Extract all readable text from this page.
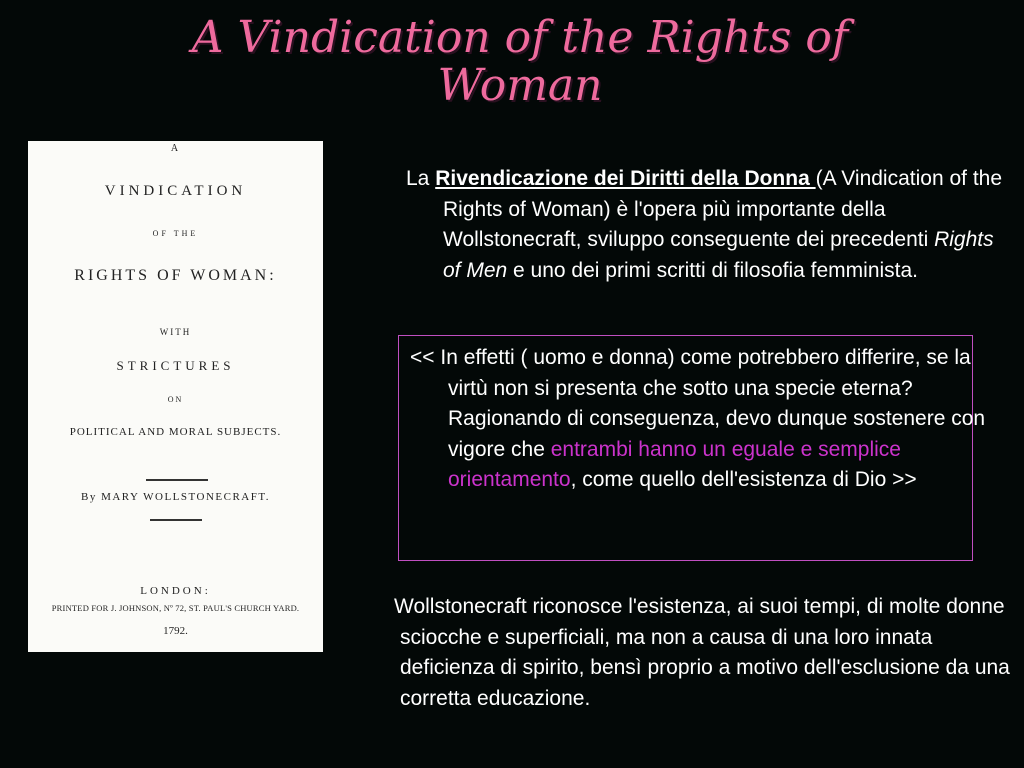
A Vindication of the Rights of
Woman
A
VINDICATION
OF THE
RIGHTS OF WOMAN:
WITH
STRICTURES
ON
POLITICAL AND MORAL SUBJECTS.
By MARY WOLLSTONECRAFT.
LONDON:
PRINTED FOR J. JOHNSON, Nº 72, ST. PAUL'S CHURCH YARD.
1792.
La Rivendicazione dei Diritti della Donna (A Vindication of the Rights of Woman) è l'opera più importante della Wollstonecraft, sviluppo conseguente dei precedenti Rights of Men e uno dei primi scritti di filosofia femminista.
<< In effetti ( uomo e donna) come potrebbero differire, se la virtù non si presenta che sotto una specie eterna? Ragionando di conseguenza, devo dunque sostenere con vigore che entrambi hanno un eguale e semplice orientamento, come quello dell'esistenza di Dio >>
Wollstonecraft riconosce l'esistenza, ai suoi tempi, di molte donne sciocche e superficiali, ma non a causa di una loro innata deficienza di spirito, bensì proprio a motivo dell'esclusione da una corretta educazione.
